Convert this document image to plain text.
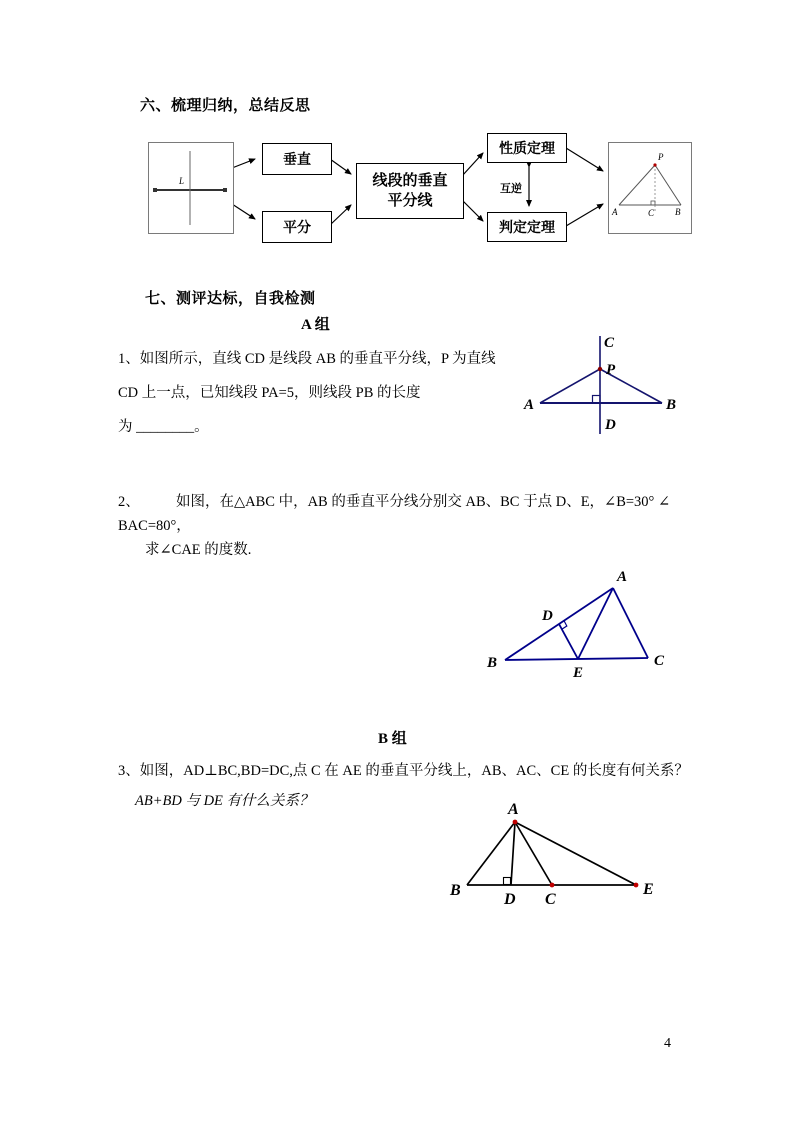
六、梳理归纳，总结反思
L
垂直
平分
线段的垂直
平分线
性质定理
判定定理
互逆
P
A	C B
七、测评达标，自我检测
A 组
1、如图所示，直线 CD 是线段 AB 的垂直平分线，P 为直线
CD 上一点，已知线段 PA=5，则线段 PB 的长度
为 ________。
C
P
A	B
D
2、　　　如图，在△ABC 中，AB 的垂直平分线分别交 AB、BC 于点 D、E，∠B=30° ∠
BAC=80°，
求∠CAE 的度数.
A
B	C
E
D
B 组
3、如图，AD⊥BC,BD=DC,点 C 在 AE 的垂直平分线上，AB、AC、CE 的长度有何关系？
AB+BD 与 DE 有什么关系？	A
B
D C
E
4
